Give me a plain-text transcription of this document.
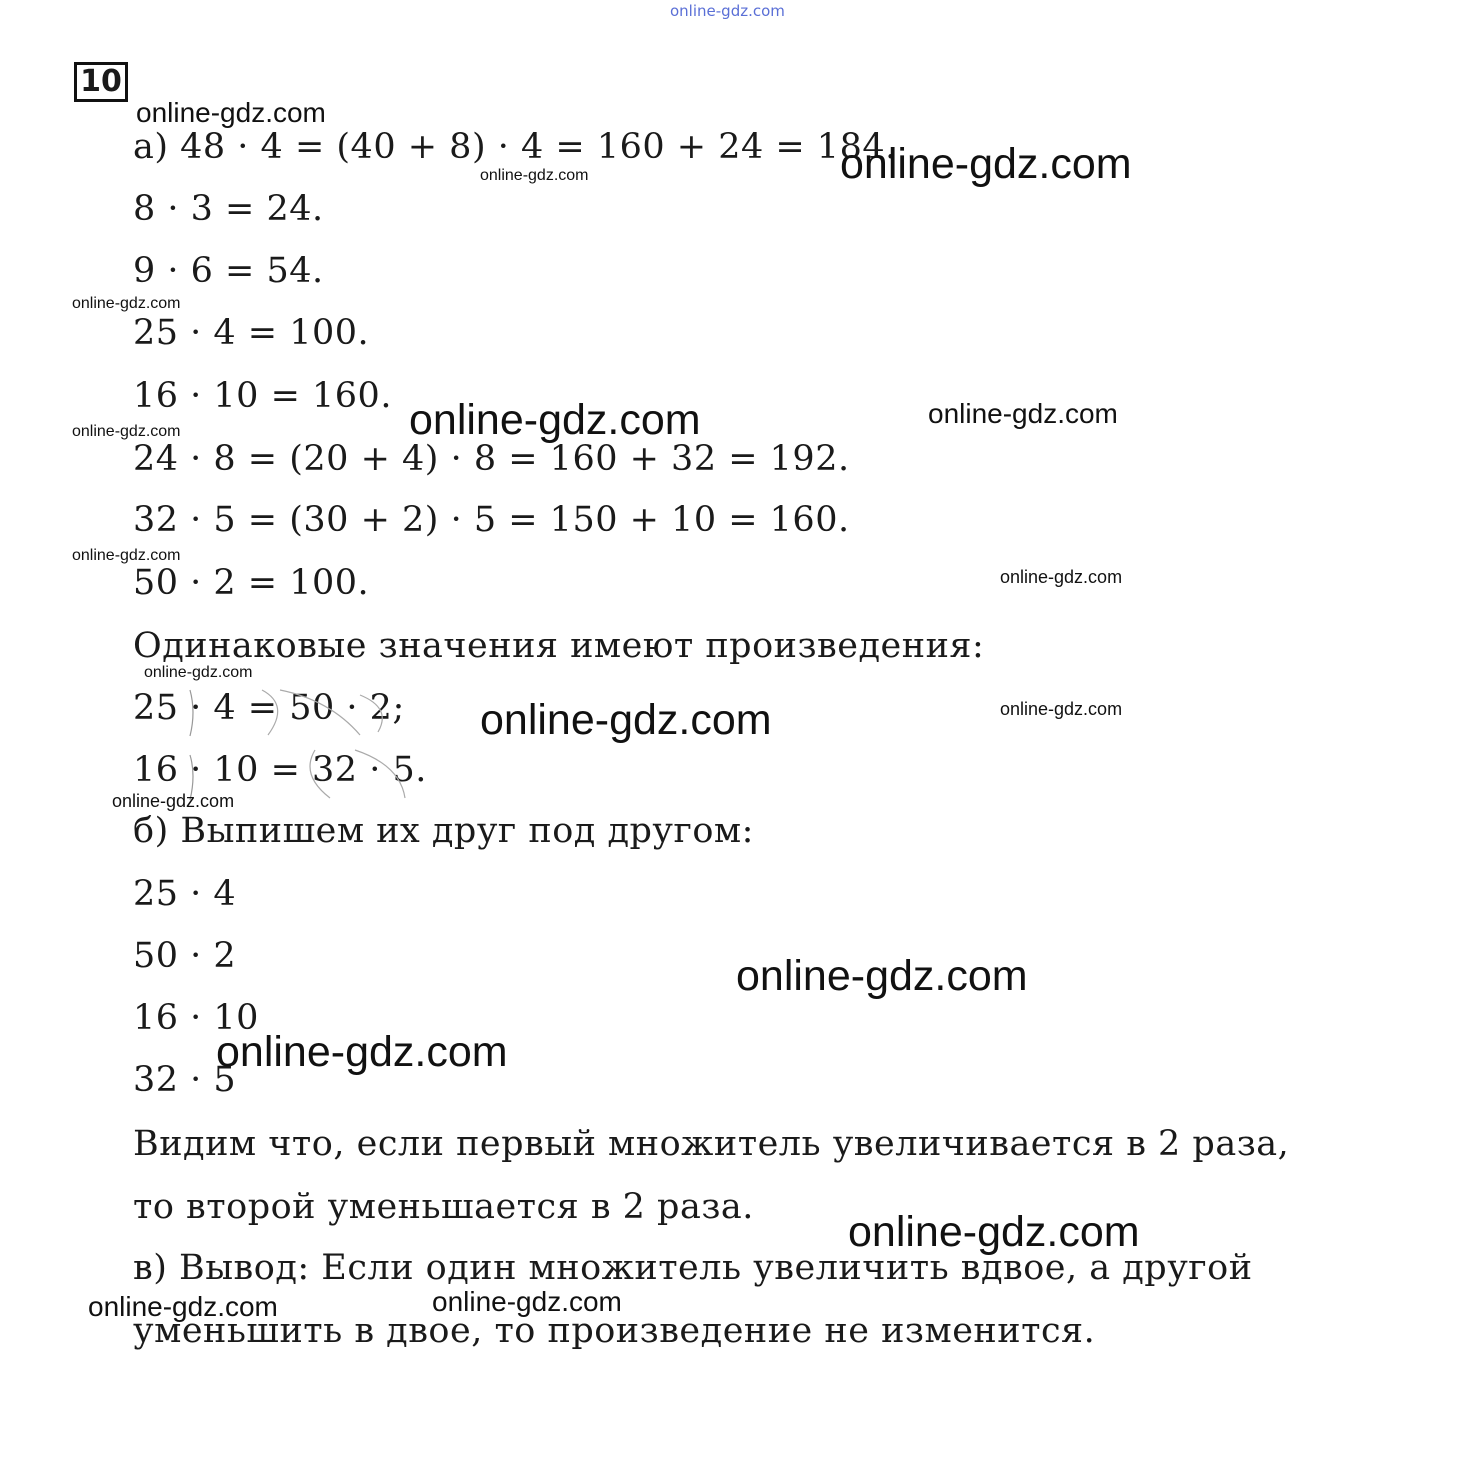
online-gdz.com
10
а) 48 · 4 = (40 + 8) · 4 = 160 + 24 = 184.
8 · 3 = 24.
9 · 6 = 54.
25 · 4 = 100.
16 · 10 = 160.
24 · 8 = (20 + 4) · 8 = 160 + 32 = 192.
32 · 5 = (30 + 2) · 5 = 150 + 10 = 160.
50 · 2 = 100.
Одинаковые значения имеют произведения:
25 · 4 = 50 · 2;
16 · 10 = 32 · 5.
б) Выпишем их друг под другом:
25 · 4
50 · 2
16 · 10
32 · 5
Видим что, если первый множитель увеличивается в 2 раза,
то второй уменьшается в 2 раза.
в) Вывод: Если один множитель увеличить вдвое, а другой
уменьшить в двое, то произведение не изменится.
online-gdz.com
online-gdz.com
online-gdz.com
online-gdz.com
online-gdz.com	online-gdz.com
online-gdz.com
online-gdz.com
online-gdz.com
online-gdz.com
online-gdz.com	online-gdz.com
online-gdz.com
online-gdz.com
online-gdz.com
online-gdz.com
online-gdz.com	online-gdz.com
